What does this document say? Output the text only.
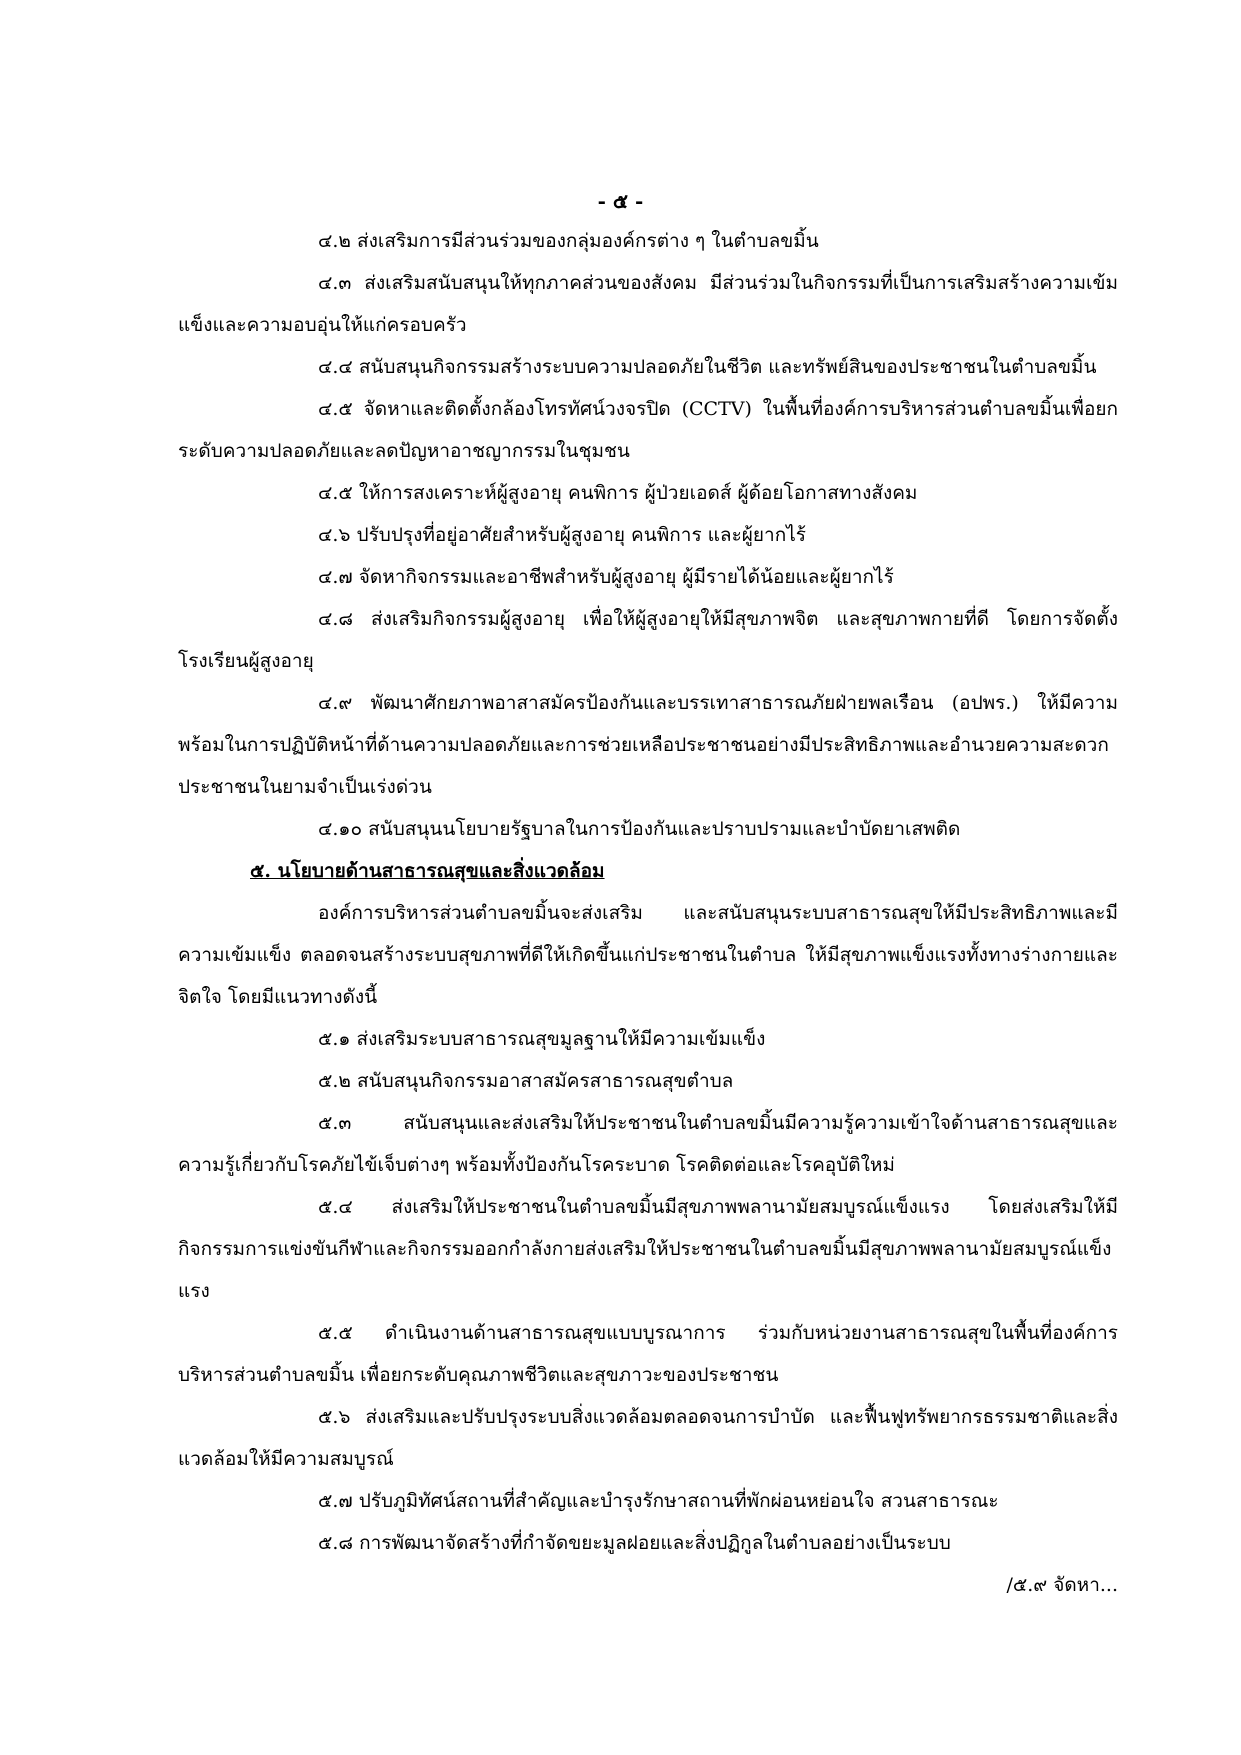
- ๕ -

๔.๒ ส่งเสริมการมีส่วนร่วมของกลุ่มองค์กรต่าง ๆ ในตำบลขมิ้น

๔.๓ ส่งเสริมสนับสนุนให้ทุกภาคส่วนของสังคม มีส่วนร่วมในกิจกรรมที่เป็นการเสริมสร้างความเข้มแข็งและความอบอุ่นให้แก่ครอบครัว

๔.๔ สนับสนุนกิจกรรมสร้างระบบความปลอดภัยในชีวิต และทรัพย์สินของประชาชนในตำบลขมิ้น

๔.๕ จัดหาและติดตั้งกล้องโทรทัศน์วงจรปิด (CCTV) ในพื้นที่องค์การบริหารส่วนตำบลขมิ้นเพื่อยกระดับความปลอดภัยและลดปัญหาอาชญากรรมในชุมชน

๔.๕ ให้การสงเคราะห์ผู้สูงอายุ คนพิการ ผู้ป่วยเอดส์ ผู้ด้อยโอกาสทางสังคม

๔.๖ ปรับปรุงที่อยู่อาศัยสำหรับผู้สูงอายุ คนพิการ และผู้ยากไร้

๔.๗ จัดหากิจกรรมและอาชีพสำหรับผู้สูงอายุ ผู้มีรายได้น้อยและผู้ยากไร้

๔.๘ ส่งเสริมกิจกรรมผู้สูงอายุ เพื่อให้ผู้สูงอายุให้มีสุขภาพจิต และสุขภาพกายที่ดี โดยการจัดตั้งโรงเรียนผู้สูงอายุ

๔.๙ พัฒนาศักยภาพอาสาสมัครป้องกันและบรรเทาสาธารณภัยฝ่ายพลเรือน (อปพร.) ให้มีความพร้อมในการปฏิบัติหน้าที่ด้านความปลอดภัยและการช่วยเหลือประชาชนอย่างมีประสิทธิภาพและอำนวยความสะดวกประชาชนในยามจำเป็นเร่งด่วน

๔.๑๐ สนับสนุนนโยบายรัฐบาลในการป้องกันและปราบปรามและบำบัดยาเสพติด

๕. นโยบายด้านสาธารณสุขและสิ่งแวดล้อม

องค์การบริหารส่วนตำบลขมิ้นจะส่งเสริม และสนับสนุนระบบสาธารณสุขให้มีประสิทธิภาพและมีความเข้มแข็ง ตลอดจนสร้างระบบสุขภาพที่ดีให้เกิดขึ้นแก่ประชาชนในตำบล ให้มีสุขภาพแข็งแรงทั้งทางร่างกายและจิตใจ โดยมีแนวทางดังนี้

๕.๑ ส่งเสริมระบบสาธารณสุขมูลฐานให้มีความเข้มแข็ง

๕.๒ สนับสนุนกิจกรรมอาสาสมัครสาธารณสุขตำบล

๕.๓ สนับสนุนและส่งเสริมให้ประชาชนในตำบลขมิ้นมีความรู้ความเข้าใจด้านสาธารณสุขและความรู้เกี่ยวกับโรคภัยไข้เจ็บต่างๆ พร้อมทั้งป้องกันโรคระบาด โรคติดต่อและโรคอุบัติใหม่

๕.๔ ส่งเสริมให้ประชาชนในตำบลขมิ้นมีสุขภาพพลานามัยสมบูรณ์แข็งแรง โดยส่งเสริมให้มีกิจกรรมการแข่งขันกีฬาและกิจกรรมออกกำลังกายส่งเสริมให้ประชาชนในตำบลขมิ้นมีสุขภาพพลานามัยสมบูรณ์แข็งแรง

๕.๕ ดำเนินงานด้านสาธารณสุขแบบบูรณาการ ร่วมกับหน่วยงานสาธารณสุขในพื้นที่องค์การบริหารส่วนตำบลขมิ้น เพื่อยกระดับคุณภาพชีวิตและสุขภาวะของประชาชน

๕.๖ ส่งเสริมและปรับปรุงระบบสิ่งแวดล้อมตลอดจนการบำบัด และฟื้นฟูทรัพยากรธรรมชาติและสิ่งแวดล้อมให้มีความสมบูรณ์

๕.๗ ปรับภูมิทัศน์สถานที่สำคัญและบำรุงรักษาสถานที่พักผ่อนหย่อนใจ สวนสาธารณะ

๕.๘ การพัฒนาจัดสร้างที่กำจัดขยะมูลฝอยและสิ่งปฏิกูลในตำบลอย่างเป็นระบบ

/๕.๙ จัดหา...
